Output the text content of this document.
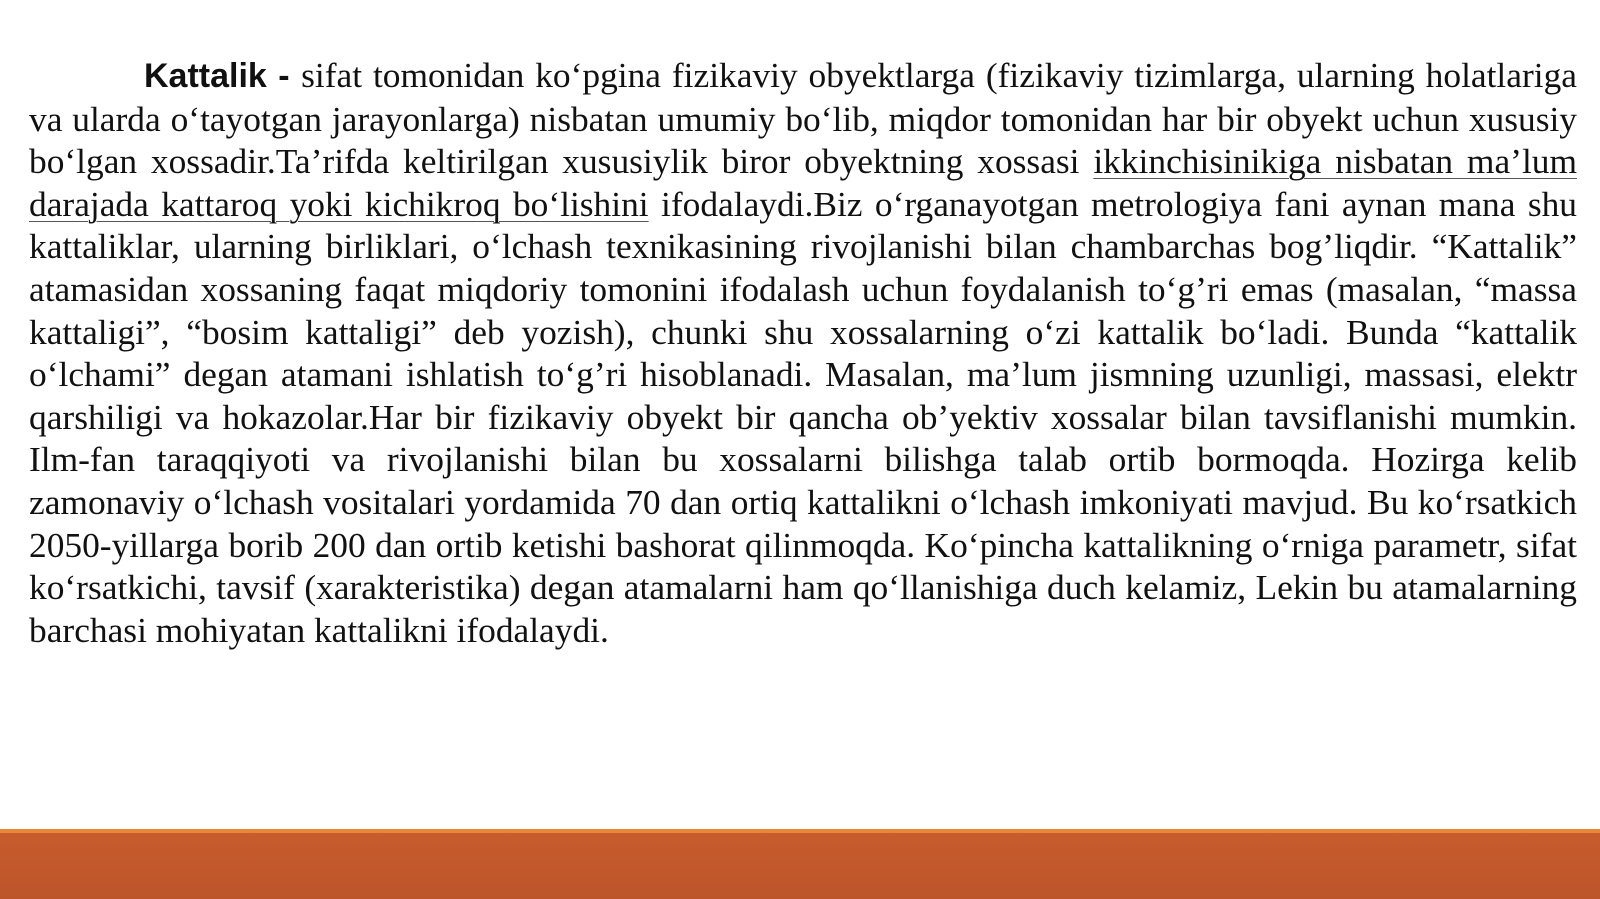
Kattalik - sifat tomonidan ko‘pgina fizikaviy obyektlarga (fizikaviy tizimlarga, ularning holatlariga va ularda o‘tayotgan jarayonlarga) nisbatan umumiy bo‘lib, miqdor tomonidan har bir obyekt uchun xususiy bo‘lgan xossadir.Ta’rifda keltirilgan xususiylik biror obyektning xossasi ikkinchisinikiga nisbatan ma’lum darajada kattaroq yoki kichikroq bo‘lishini ifodalaydi.Biz o‘rganayotgan metrologiya fani aynan mana shu kattaliklar, ularning birliklari, o‘lchash texnikasining rivojlanishi bilan chambarchas bog’liqdir. “Kattalik” atamasidan xossaning faqat miqdoriy tomonini ifodalash uchun foydalanish to‘g’ri emas (masalan, “massa kattaligi”, “bosim kattaligi” deb yozish), chunki shu xossalarning o‘zi kattalik bo‘ladi. Bunda “kattalik o‘lchami” degan atamani ishlatish to‘g’ri hisoblanadi. Masalan, ma’lum jismning uzunligi, massasi, elektr qarshiligi va hokazolar.Har bir fizikaviy obyekt bir qancha ob’yektiv xossalar bilan tavsiflanishi mumkin. Ilm-fan taraqqiyoti va rivojlanishi bilan bu xossalarni bilishga talab ortib bormoqda. Hozirga kelib zamonaviy o‘lchash vositalari yordamida 70 dan ortiq kattalikni o‘lchash imkoniyati mavjud. Bu ko‘rsatkich 2050-yillarga borib 200 dan ortib ketishi bashorat qilinmoqda. Ko‘pincha kattalikning o‘rniga parametr, sifat ko‘rsatkichi, tavsif (xarakteristika) degan atamalarni ham qo‘llanishiga duch kelamiz, Lekin bu atamalarning barchasi mohiyatan kattalikni ifodalaydi.
